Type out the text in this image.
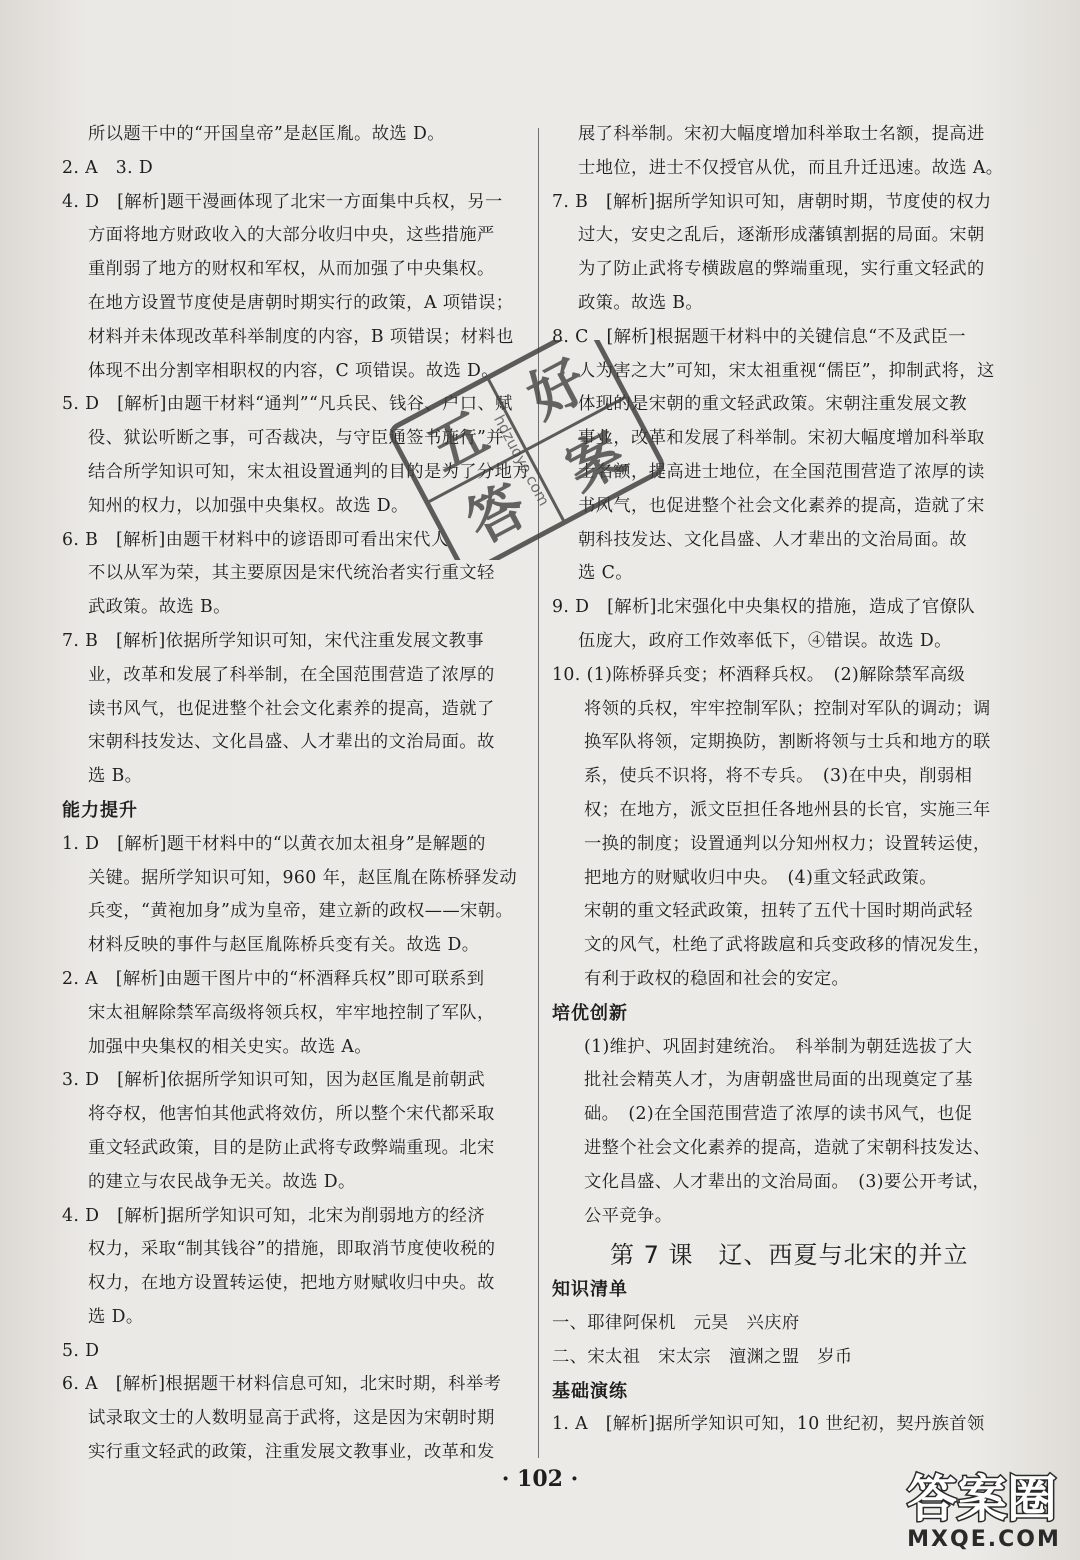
所以题干中的“开国皇帝”是赵匡胤。故选 D。
2. A　3. D
4. D　[解析]题干漫画体现了北宋一方面集中兵权，另一
方面将地方财政收入的大部分收归中央，这些措施严
重削弱了地方的财权和军权，从而加强了中央集权。
在地方设置节度使是唐朝时期实行的政策，A 项错误；
材料并未体现改革科举制度的内容，B 项错误；材料也
体现不出分割宰相职权的内容，C 项错误。故选 D。
5. D　[解析]由题干材料“通判”“凡兵民、钱谷、户口、赋
役、狱讼听断之事，可否裁决，与守臣通签书施行”并
结合所学知识可知，宋太祖设置通判的目的是为了分地方
知州的权力，以加强中央集权。故选 D。
6. B　[解析]由题干材料中的谚语即可看出宋代人
不以从军为荣，其主要原因是宋代统治者实行重文轻
武政策。故选 B。
7. B　[解析]依据所学知识可知，宋代注重发展文教事
业，改革和发展了科举制，在全国范围营造了浓厚的
读书风气，也促进整个社会文化素养的提高，造就了
宋朝科技发达、文化昌盛、人才辈出的文治局面。故
选 B。
能力提升
1. D　[解析]题干材料中的“以黄衣加太祖身”是解题的
关键。据所学知识可知，960 年，赵匡胤在陈桥驿发动
兵变，“黄袍加身”成为皇帝，建立新的政权——宋朝。
材料反映的事件与赵匡胤陈桥兵变有关。故选 D。
2. A　[解析]由题干图片中的“杯酒释兵权”即可联系到
宋太祖解除禁军高级将领兵权，牢牢地控制了军队，
加强中央集权的相关史实。故选 A。
3. D　[解析]依据所学知识可知，因为赵匡胤是前朝武
将夺权，他害怕其他武将效仿，所以整个宋代都采取
重文轻武政策，目的是防止武将专政弊端重现。北宋
的建立与农民战争无关。故选 D。
4. D　[解析]据所学知识可知，北宋为削弱地方的经济
权力，采取“制其钱谷”的措施，即取消节度使收税的
权力，在地方设置转运使，把地方财赋收归中央。故
选 D。
5. D
6. A　[解析]根据题干材料信息可知，北宋时期，科举考
试录取文士的人数明显高于武将，这是因为宋朝时期
实行重文轻武的政策，注重发展文教事业，改革和发
展了科举制。宋初大幅度增加科举取士名额，提高进
士地位，进士不仅授官从优，而且升迁迅速。故选 A。
7. B　[解析]据所学知识可知，唐朝时期，节度使的权力
过大，安史之乱后，逐渐形成藩镇割据的局面。宋朝
为了防止武将专横跋扈的弊端重现，实行重文轻武的
政策。故选 B。
8. C　[解析]根据题干材料中的关键信息“不及武臣一
人为害之大”可知，宋太祖重视“儒臣”，抑制武将，这
体现的是宋朝的重文轻武政策。宋朝注重发展文教
事业，改革和发展了科举制。宋初大幅度增加科举取
士名额，提高进士地位，在全国范围营造了浓厚的读
书风气，也促进整个社会文化素养的提高，造就了宋
朝科技发达、文化昌盛、人才辈出的文治局面。故
选 C。
9. D　[解析]北宋强化中央集权的措施，造成了官僚队
伍庞大，政府工作效率低下，④错误。故选 D。
10. (1)陈桥驿兵变；杯酒释兵权。　(2)解除禁军高级
将领的兵权，牢牢控制军队；控制对军队的调动；调
换军队将领，定期换防，割断将领与士兵和地方的联
系，使兵不识将，将不专兵。　(3)在中央，削弱相
权；在地方，派文臣担任各地州县的长官，实施三年
一换的制度；设置通判以分知州权力；设置转运使，
把地方的财赋收归中央。　(4)重文轻武政策。
宋朝的重文轻武政策，扭转了五代十国时期尚武轻
文的风气，杜绝了武将跋扈和兵变政移的情况发生，
有利于政权的稳固和社会的安定。
培优创新
(1)维护、巩固封建统治。　科举制为朝廷选拔了大
批社会精英人才，为唐朝盛世局面的出现奠定了基
础。　(2)在全国范围营造了浓厚的读书风气，也促
进整个社会文化素养的提高，造就了宋朝科技发达、
文化昌盛、人才辈出的文治局面。　(3)要公开考试，
公平竞争。
第 7 课　辽、西夏与北宋的并立
知识清单
一、耶律阿保机　元昊　兴庆府
二、宋太祖　宋太宗　澶渊之盟　岁币
基础演练
1. A　[解析]据所学知识可知，10 世纪初，契丹族首领
五
好
答
案
hdzuoye.com
· 102 ·	答案圈
MXQE.COM
